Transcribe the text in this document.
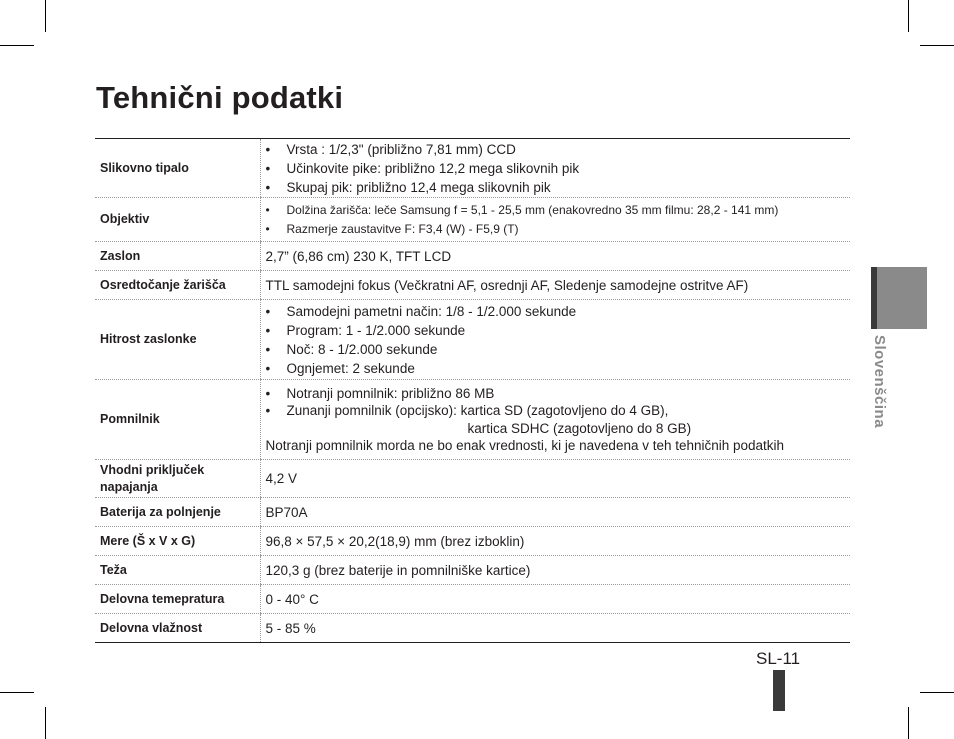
Tehnični podatki
Slikovno tipalo	• Vrsta : 1/2,3" (približno 7,81 mm) CCD
• Učinkovite pike: približno 12,2 mega slikovnih pik
• Skupaj pik: približno 12,4 mega slikovnih pik

Objektiv	• Dolžina žarišča: leče Samsung f = 5,1 - 25,5 mm (enakovredno 35 mm filmu: 28,2 - 141 mm)
• Razmerje zaustavitve F: F3,4 (W) - F5,9 (T)

Zaslon	2,7” (6,86 cm) 230 K, TFT LCD
Osredtočanje žarišča	TTL samodejni fokus (Večkratni AF, osrednji AF, Sledenje samodejne ostritve AF)
Hitrost zaslonke	• Samodejni pametni način: 1/8 - 1/2.000 sekunde
• Program: 1 - 1/2.000 sekunde
• Noč: 8 - 1/2.000 sekunde
• Ognjemet: 2 sekunde

Pomnilnik	• Notranji pomnilnik: približno 86 MB
• Zunanji pomnilnik (opcijsko): kartica SD (zagotovljeno do 4 GB),
kartica SDHC (zagotovljeno do 8 GB)
Notranji pomnilnik morda ne bo enak vrednosti, ki je navedena v teh tehničnih podatkih

Vhodni priključek napajanja	4,2 V
Baterija za polnjenje	BP70A
Mere (Š x V x G)	96,8 × 57,5 × 20,2(18,9) mm (brez izboklin)
Teža	120,3 g (brez baterije in pomnilniške kartice)
Delovna temepratura	0 - 40° C
Delovna vlažnost	5 - 85 %
Slovenščina
SL-11
